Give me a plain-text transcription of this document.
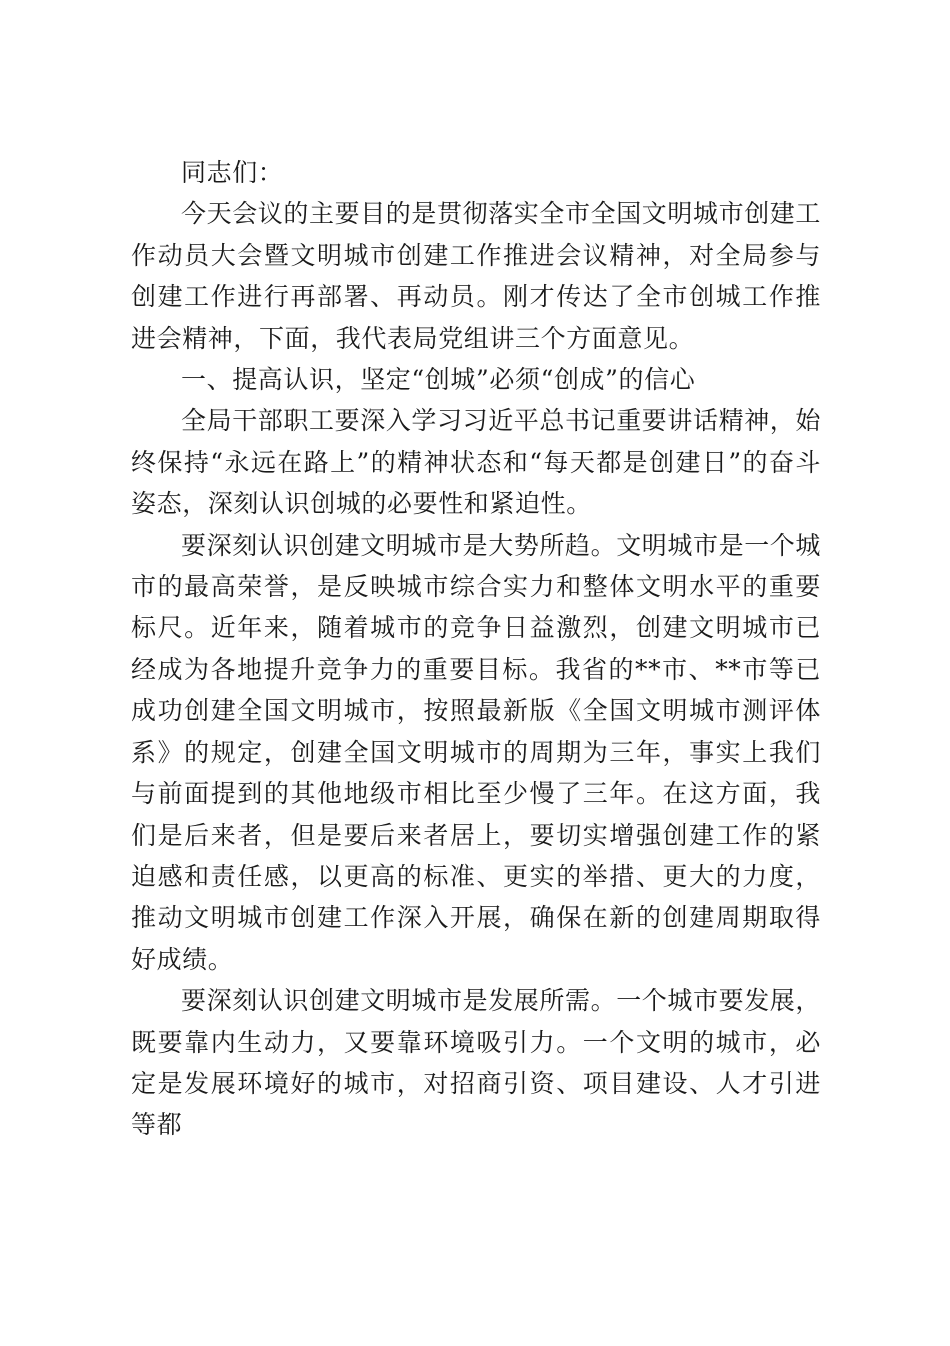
同志们：

今天会议的主要目的是贯彻落实全市全国文明城市创建工作动员大会暨文明城市创建工作推进会议精神，对全局参与创建工作进行再部署、再动员。刚才传达了全市创城工作推进会精神，下面，我代表局党组讲三个方面意见。

一、提高认识，坚定“创城”必须“创成”的信心

全局干部职工要深入学习习近平总书记重要讲话精神，始终保持“永远在路上”的精神状态和“每天都是创建日”的奋斗姿态，深刻认识创城的必要性和紧迫性。

要深刻认识创建文明城市是大势所趋。文明城市是一个城市的最高荣誉，是反映城市综合实力和整体文明水平的重要标尺。近年来，随着城市的竞争日益激烈，创建文明城市已经成为各地提升竞争力的重要目标。我省的**市、**市等已成功创建全国文明城市，按照最新版《全国文明城市测评体系》的规定，创建全国文明城市的周期为三年，事实上我们与前面提到的其他地级市相比至少慢了三年。在这方面，我们是后来者，但是要后来者居上，要切实增强创建工作的紧迫感和责任感，以更高的标准、更实的举措、更大的力度，推动文明城市创建工作深入开展，确保在新的创建周期取得好成绩。

要深刻认识创建文明城市是发展所需。一个城市要发展，既要靠内生动力，又要靠环境吸引力。一个文明的城市，必定是发展环境好的城市，对招商引资、项目建设、人才引进等都
